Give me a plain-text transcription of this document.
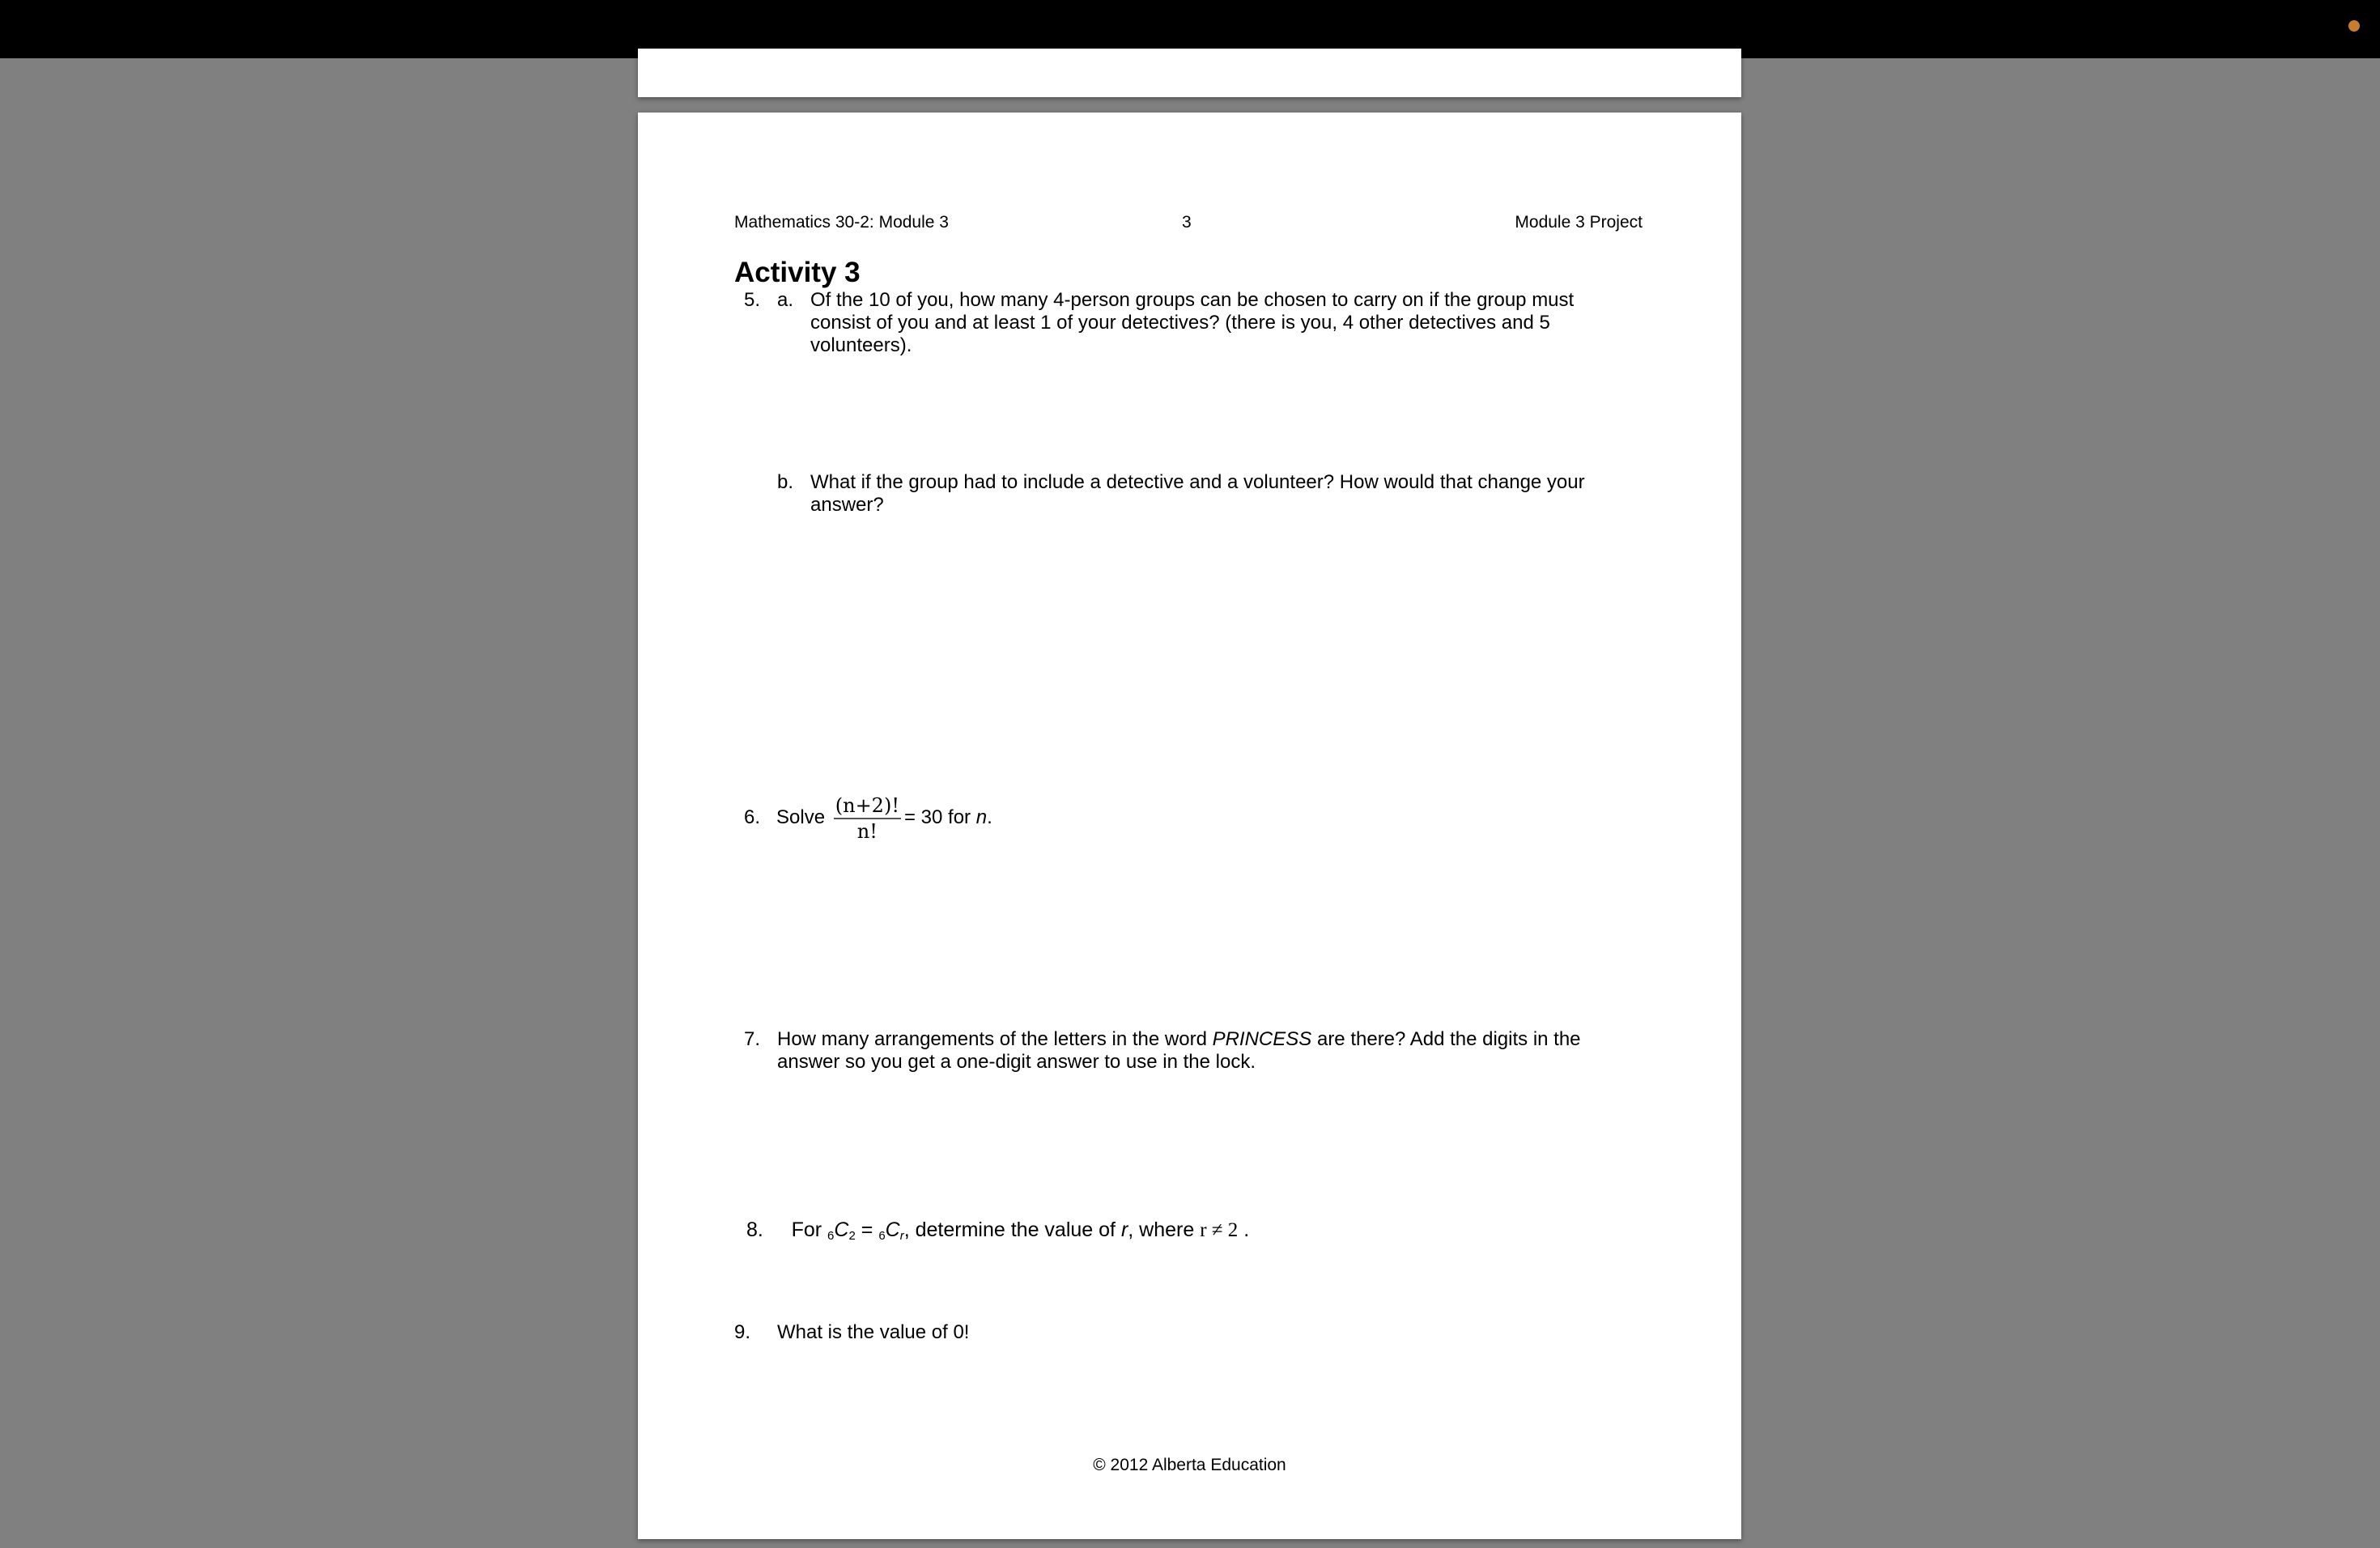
Mathematics 30-2: Module 3	3	Module 3 Project
Activity 3
5. a. Of the 10 of you, how many 4-person groups can be chosen to carry on if the group must consist of you and at least 1 of your detectives? (there is you, 4 other detectives and 5 volunteers).
b. What if the group had to include a detective and a volunteer? How would that change your answer?
6. Solve $\frac{(n+2)!}{n!} = 30$ for n.
7. How many arrangements of the letters in the word PRINCESS are there? Add the digits in the answer so you get a one-digit answer to use in the lock.
8. For $_6C_2 = _6C_r$, determine the value of r, where r ≠ 2 .
9. What is the value of 0!
© 2012 Alberta Education
